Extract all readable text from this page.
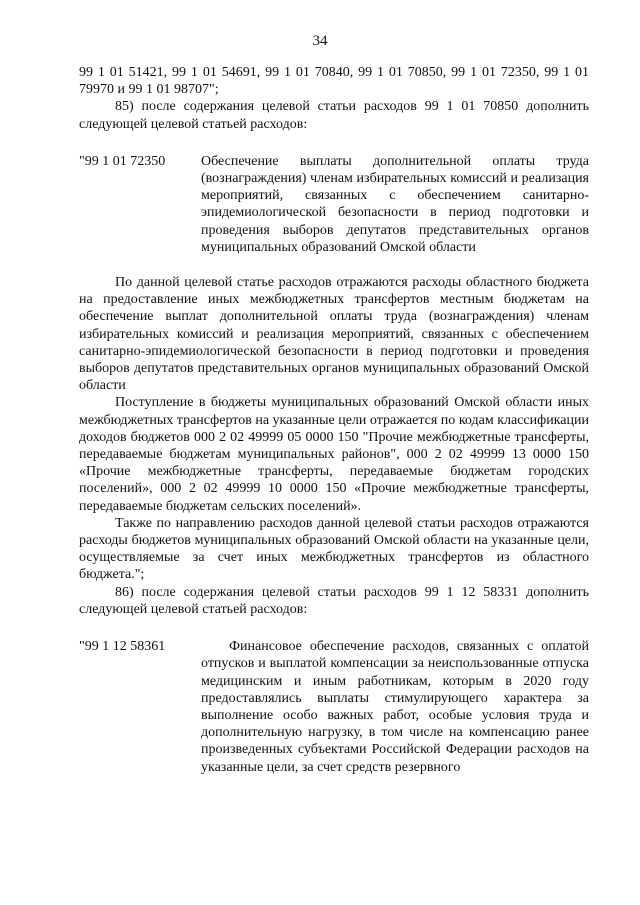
34

99 1 01 51421, 99 1 01 54691, 99 1 01 70840, 99 1 01 70850, 99 1 01 72350, 99 1 01 79970 и 99 1 01 98707";

85) после содержания целевой статьи расходов 99 1 01 70850 дополнить следующей целевой статьей расходов:

"99 1 01 72350	Обеспечение выплаты дополнительной оплаты труда (вознаграждения) членам избирательных комиссий и реализация мероприятий, связанных с обеспечением санитарно-эпидемиологической безопасности в период подготовки и проведения выборов депутатов представительных органов муниципальных образований Омской области

По данной целевой статье расходов отражаются расходы областного бюджета на предоставление иных межбюджетных трансфертов местным бюджетам на обеспечение выплат дополнительной оплаты труда (вознаграждения) членам избирательных комиссий и реализация мероприятий, связанных с обеспечением санитарно-эпидемиологической безопасности в период подготовки и проведения выборов депутатов представительных органов муниципальных образований Омской области

Поступление в бюджеты муниципальных образований Омской области иных межбюджетных трансфертов на указанные цели отражается по кодам классификации доходов бюджетов 000 2 02 49999 05 0000 150 "Прочие межбюджетные трансферты, передаваемые бюджетам муниципальных районов", 000 2 02 49999 13 0000 150 «Прочие межбюджетные трансферты, передаваемые бюджетам городских поселений», 000 2 02 49999 10 0000 150 «Прочие межбюджетные трансферты, передаваемые бюджетам сельских поселений».

Также по направлению расходов данной целевой статьи расходов отражаются расходы бюджетов муниципальных образований Омской области на указанные цели, осуществляемые за счет иных межбюджетных трансфертов из областного бюджета.";

86) после содержания целевой статьи расходов 99 1 12 58331 дополнить следующей целевой статьей расходов:

"99 1 12 58361	Финансовое обеспечение расходов, связанных с оплатой отпусков и выплатой компенсации за неиспользованные отпуска медицинским и иным работникам, которым в 2020 году предоставлялись выплаты стимулирующего характера за выполнение особо важных работ, особые условия труда и дополнительную нагрузку, в том числе на компенсацию ранее произведенных субъектами Российской Федерации расходов на указанные цели, за счет средств резервного
